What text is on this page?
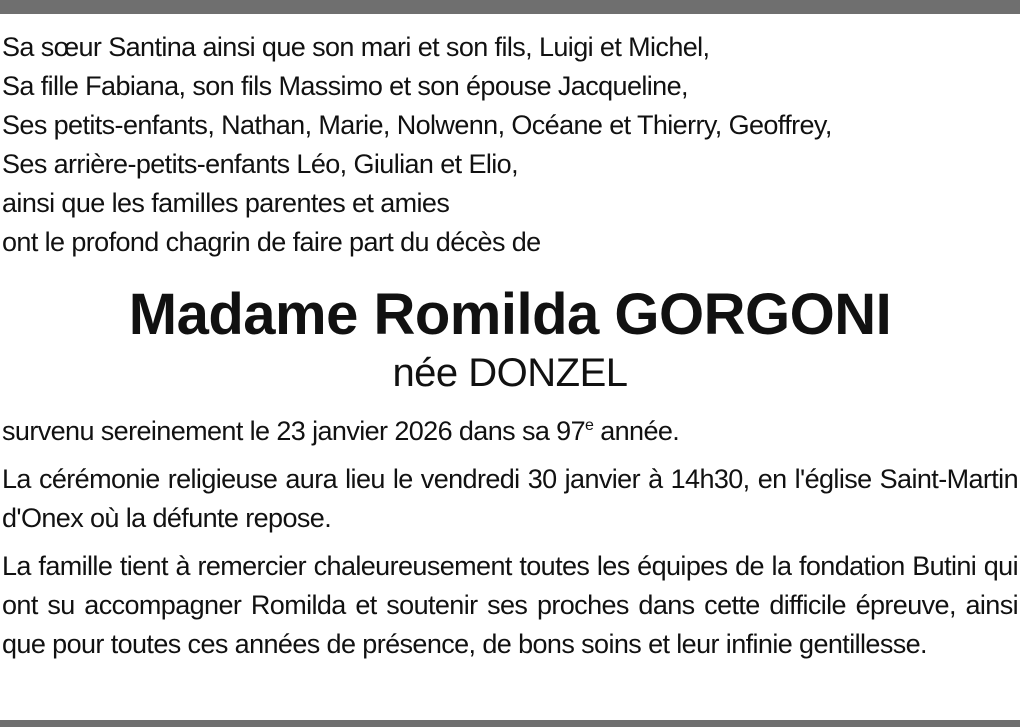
Sa sœur Santina ainsi que son mari et son fils, Luigi et Michel,
Sa fille Fabiana, son fils Massimo et son épouse Jacqueline,
Ses petits-enfants, Nathan, Marie, Nolwenn, Océane et Thierry, Geoffrey,
Ses arrière-petits-enfants Léo, Giulian et Elio,
ainsi que les familles parentes et amies
ont le profond chagrin de faire part du décès de
Madame Romilda GORGONI
née DONZEL
survenu sereinement le 23 janvier 2026 dans sa 97e année.
La cérémonie religieuse aura lieu le vendredi 30 janvier à 14h30, en l'église Saint-Martin d'Onex où la défunte repose.
La famille tient à remercier chaleureusement toutes les équipes de la fondation Butini qui ont su accompagner Romilda et soutenir ses proches dans cette difficile épreuve, ainsi que pour toutes ces années de présence, de bons soins et leur infinie gentillesse.
